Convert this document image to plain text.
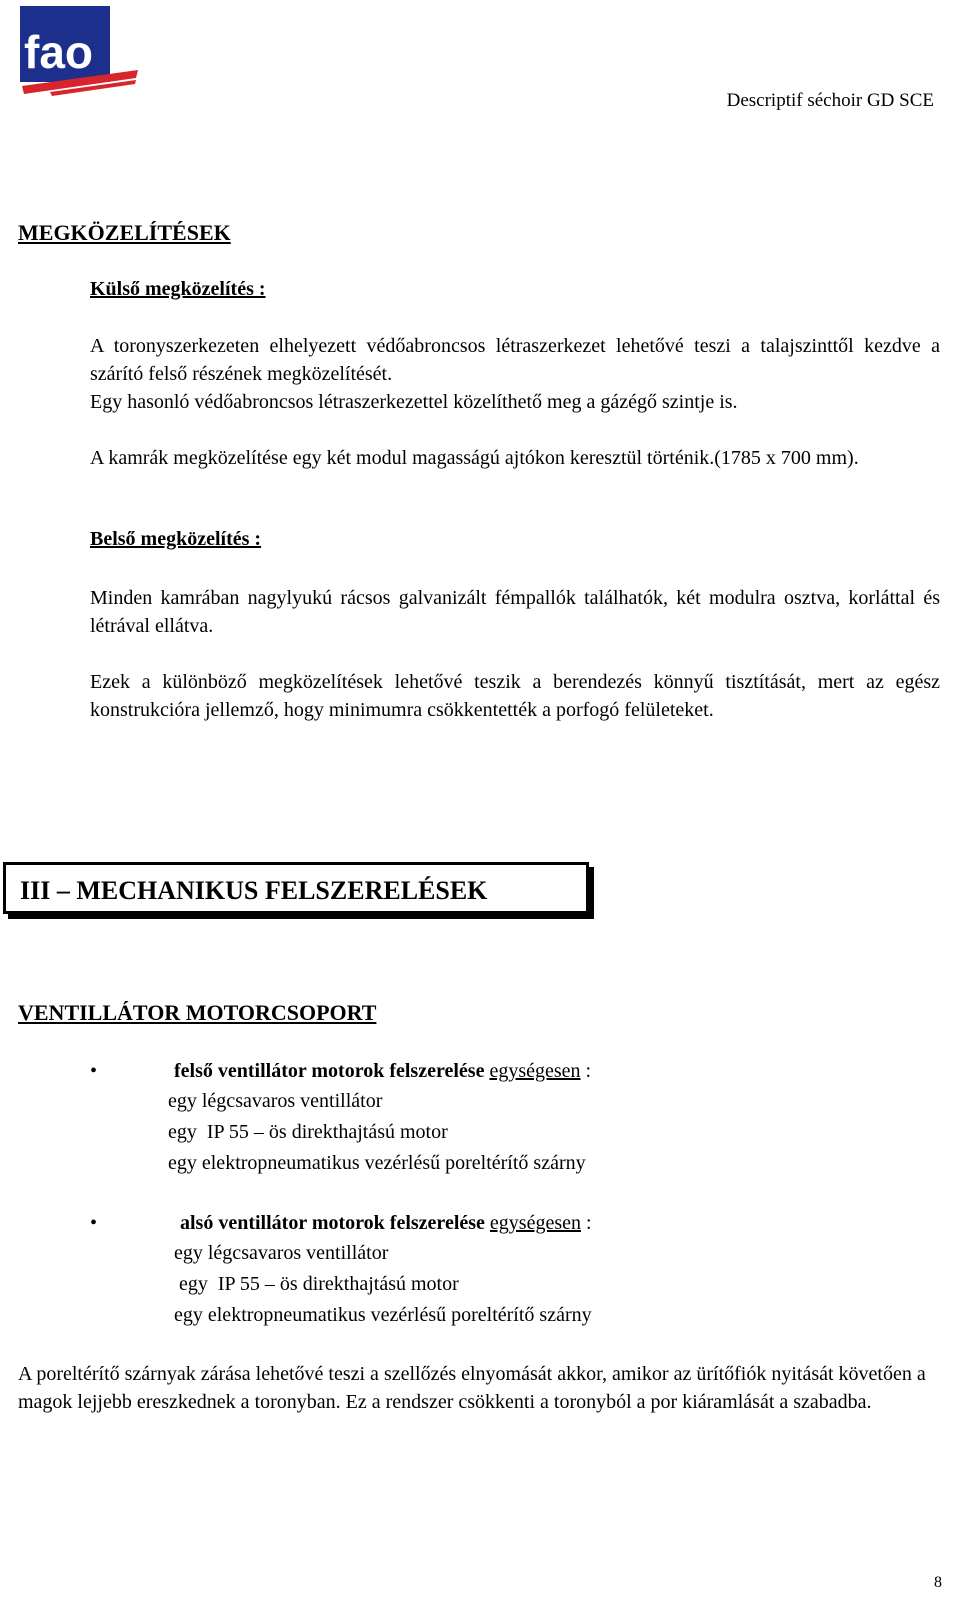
fao
Descriptif séchoir GD SCE
MEGKÖZELÍTÉSEK
Külső megközelítés :
A toronyszerkezeten elhelyezett védőabroncsos létraszerkezet lehetővé teszi a talajszinttől kezdve a szárító felső részének megközelítését.
Egy hasonló védőabroncsos létraszerkezettel közelíthető meg a gázégő szintje is.
A kamrák megközelítése egy két modul magasságú ajtókon keresztül történik.(1785 x 700 mm).
Belső megközelítés :
Minden kamrában nagylyukú rácsos galvanizált fémpallók találhatók, két modulra osztva, korláttal és létrával ellátva.
Ezek a különböző megközelítések lehetővé teszik a berendezés könnyű tisztítását, mert az egész konstrukcióra jellemző, hogy minimumra csökkentették a porfogó felületeket.
III – MECHANIKUS FELSZERELÉSEK
VENTILLÁTOR MOTORCSOPORT
•	felső ventillátor motorok felszerelése egységesen :
egy légcsavaros ventillátor
egy  IP 55 – ös direkthajtású motor
egy elektropneumatikus vezérlésű poreltérítő szárny
•	alsó ventillátor motorok felszerelése egységesen :
egy légcsavaros ventillátor
egy  IP 55 – ös direkthajtású motor
egy elektropneumatikus vezérlésű poreltérítő szárny
A poreltérítő szárnyak zárása lehetővé teszi a szellőzés elnyomását akkor, amikor az ürítőfiók nyitását követően a magok lejjebb ereszkednek a toronyban. Ez a rendszer csökkenti a toronyból a por kiáramlását a szabadba.
8
